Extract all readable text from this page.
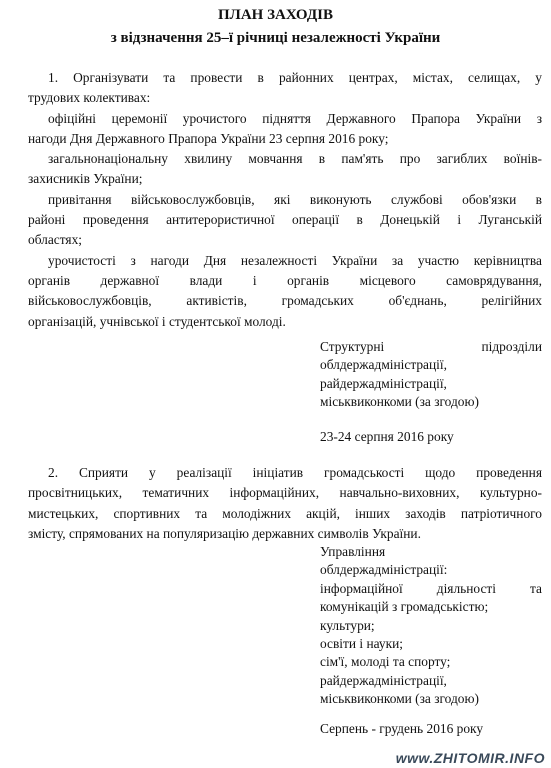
ПЛАН ЗАХОДІВ
з відзначення 25–ї річниці незалежності України
1. Організувати та провести в районних центрах, містах, селищах, у
трудових колективах:
офіційні церемонії урочистого підняття Державного Прапора України з
нагоди Дня Державного Прапора України 23 серпня 2016 року;
загальнонаціональну хвилину мовчання в пам'ять про загиблих воїнів-
захисників України;
привітання військовослужбовців, які виконують службові обов'язки в
районі проведення антитерористичної операції в Донецькій і Луганській
областях;
урочистості з нагоди Дня незалежності України за участю керівництва
органів державної влади і органів місцевого самоврядування,
військовослужбовців, активістів, громадських об'єднань, релігійних
організацій, учнівської і студентської молоді.
Структурні підрозділи
облдержадміністрації,
райдержадміністрації,
міськвиконкоми (за згодою)
23-24 серпня 2016 року
2. Сприяти у реалізації ініціатив громадськості щодо проведення
просвітницьких, тематичних інформаційних, навчально-виховних, культурно-
мистецьких, спортивних та молодіжних акцій, інших заходів патріотичного
змісту, спрямованих на популяризацію державних символів України.
Управління
облдержадміністрації:
інформаційної діяльності та
комунікацій з громадськістю;
культури;
освіти і науки;
сім'ї, молоді та спорту;
райдержадміністрації,
міськвиконкоми (за згодою)
Серпень - грудень 2016 року
www.ZHITOMIR.INFO
